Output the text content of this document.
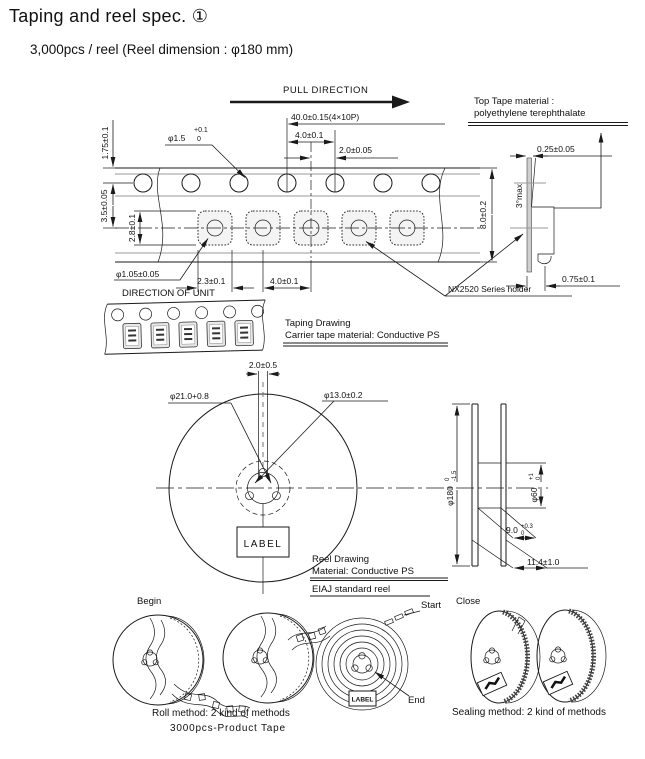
Taping and reel spec. ①
3,000pcs / reel (Reel dimension : φ180 mm)
PULL DIRECTION
Top Tape material :
polyethylene terephthalate
40.0±0.15(4×10P)
4.0±0.1
2.0±0.05
1.75±0.1
3.5±0.05
2.8±0.1
φ1.5
+0.1
0
φ1.05±0.05
2.3±0.1	4.0±0.1
8.0±0.2
0.25±0.05
3°max
0.75±0.1
NX2520 Series holder
DIRECTION OF UNIT
Taping Drawing
Carrier tape material: Conductive PS
2.0±0.5
φ21.0+0.8	φ13.0±0.2
LABEL
φ180
0 -1.5
φ60
+1 0
9.0 +0.3
0
11.4±1.0
Reel Drawing
Material: Conductive PS
EIAJ standard reel
Begin
Roll method: 2 kind of methods
3000pcs-Product Tape
Start
End
LABEL
Close
Sealing method: 2 kind of methods
